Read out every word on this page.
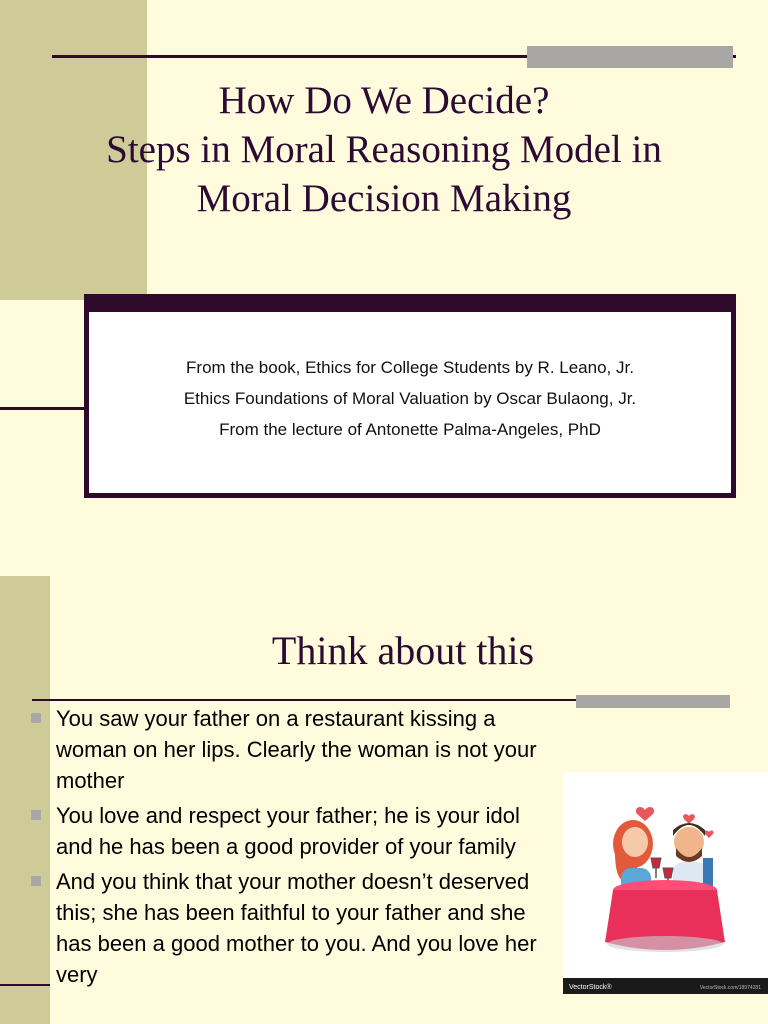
How Do We Decide?
Steps in Moral Reasoning Model in
Moral Decision Making
From the book, Ethics for College Students by R. Leano, Jr.
Ethics Foundations of Moral Valuation by Oscar Bulaong, Jr.
From the lecture of Antonette Palma-Angeles, PhD
Think about this
You saw your father on a restaurant kissing a woman on her lips. Clearly the woman is not your mother
You love and respect your father; he is your idol and he has been a good provider of your family
And you think that your mother doesn’t deserved this; she has been faithful to your father and she has been a good mother to you. And you love her very
VectorStock®	VectorStock.com/18974281
